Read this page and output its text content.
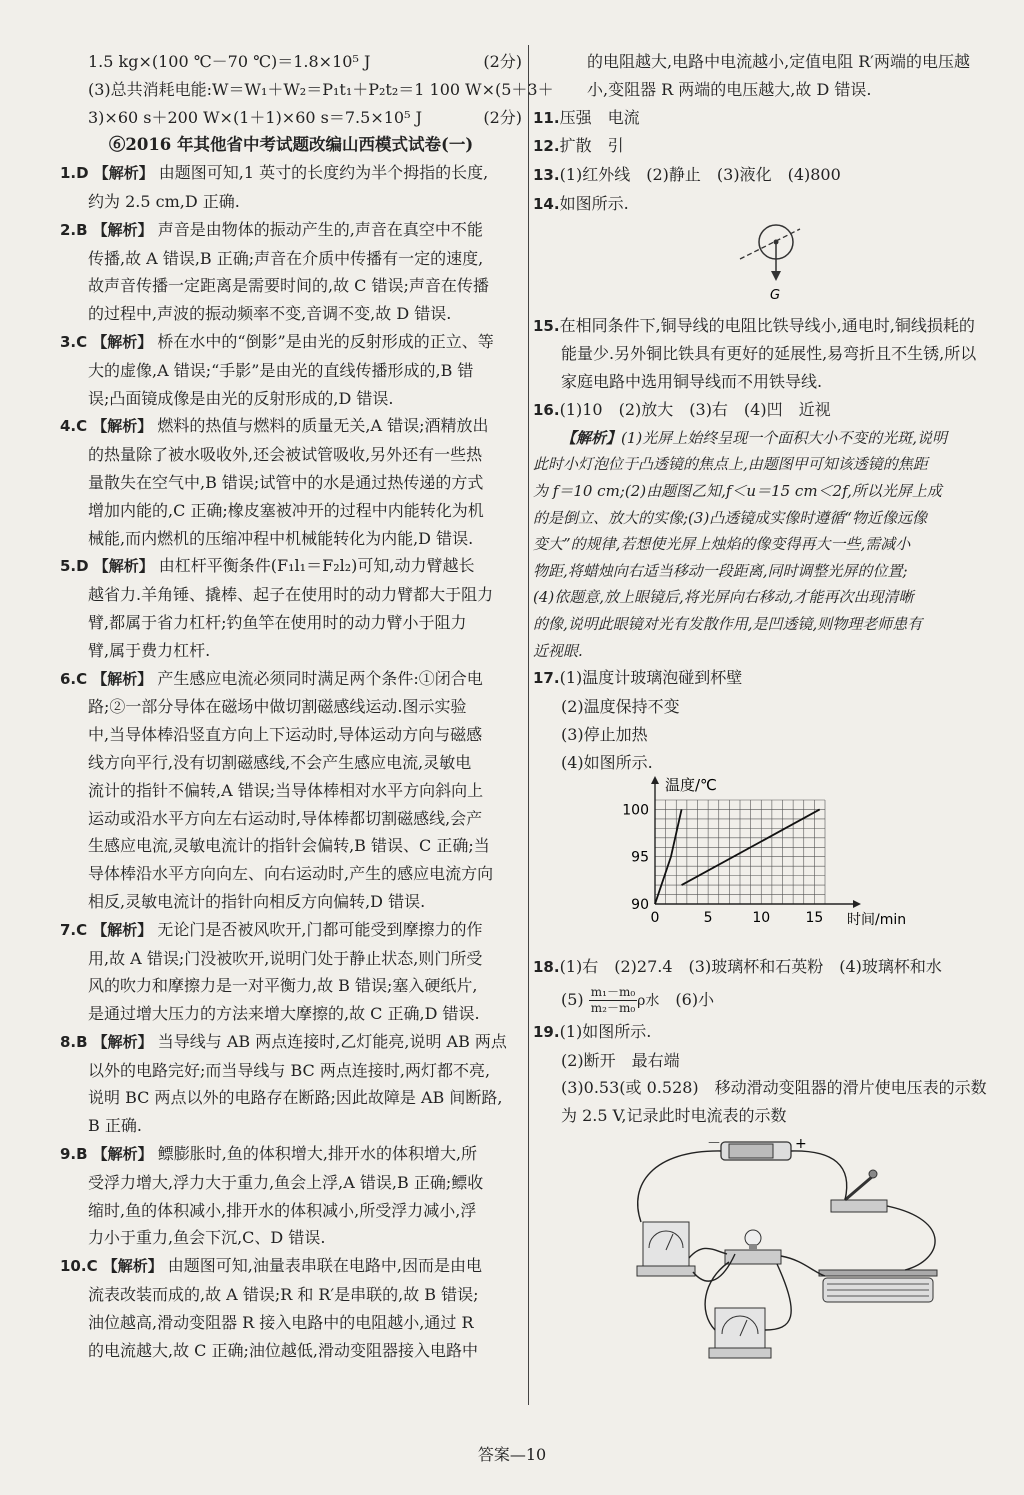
1.5 kg×(100 ℃－70 ℃)＝1.8×10⁵ J	(2分)
(3)总共消耗电能:W＝W₁＋W₂＝P₁t₁＋P₂t₂＝1 100 W×(5＋3＋
3)×60 s＋200 W×(1＋1)×60 s＝7.5×10⁵ J	(2分)
⑥2016 年其他省中考试题改编山西模式试卷(一)
1.D 【解析】 由题图可知,1 英寸的长度约为半个拇指的长度,
约为 2.5 cm,D 正确.
2.B 【解析】 声音是由物体的振动产生的,声音在真空中不能
传播,故 A 错误,B 正确;声音在介质中传播有一定的速度,
故声音传播一定距离是需要时间的,故 C 错误;声音在传播
的过程中,声波的振动频率不变,音调不变,故 D 错误.
3.C 【解析】 桥在水中的“倒影”是由光的反射形成的正立、等
大的虚像,A 错误;“手影”是由光的直线传播形成的,B 错
误;凸面镜成像是由光的反射形成的,D 错误.
4.C 【解析】 燃料的热值与燃料的质量无关,A 错误;酒精放出
的热量除了被水吸收外,还会被试管吸收,另外还有一些热
量散失在空气中,B 错误;试管中的水是通过热传递的方式
增加内能的,C 正确;橡皮塞被冲开的过程中内能转化为机
械能,而内燃机的压缩冲程中机械能转化为内能,D 错误.
5.D 【解析】 由杠杆平衡条件(F₁l₁＝F₂l₂)可知,动力臂越长
越省力.羊角锤、撬棒、起子在使用时的动力臂都大于阻力
臂,都属于省力杠杆;钓鱼竿在使用时的动力臂小于阻力
臂,属于费力杠杆.
6.C 【解析】 产生感应电流必须同时满足两个条件:①闭合电
路;②一部分导体在磁场中做切割磁感线运动.图示实验
中,当导体棒沿竖直方向上下运动时,导体运动方向与磁感
线方向平行,没有切割磁感线,不会产生感应电流,灵敏电
流计的指针不偏转,A 错误;当导体棒相对水平方向斜向上
运动或沿水平方向左右运动时,导体棒都切割磁感线,会产
生感应电流,灵敏电流计的指针会偏转,B 错误、C 正确;当
导体棒沿水平方向向左、向右运动时,产生的感应电流方向
相反,灵敏电流计的指针向相反方向偏转,D 错误.
7.C 【解析】 无论门是否被风吹开,门都可能受到摩擦力的作
用,故 A 错误;门没被吹开,说明门处于静止状态,则门所受
风的吹力和摩擦力是一对平衡力,故 B 错误;塞入硬纸片,
是通过增大压力的方法来增大摩擦的,故 C 正确,D 错误.
8.B 【解析】 当导线与 AB 两点连接时,乙灯能亮,说明 AB 两点
以外的电路完好;而当导线与 BC 两点连接时,两灯都不亮,
说明 BC 两点以外的电路存在断路;因此故障是 AB 间断路,
B 正确.
9.B 【解析】 鳔膨胀时,鱼的体积增大,排开水的体积增大,所
受浮力增大,浮力大于重力,鱼会上浮,A 错误,B 正确;鳔收
缩时,鱼的体积减小,排开水的体积减小,所受浮力减小,浮
力小于重力,鱼会下沉,C、D 错误.
10.C 【解析】 由题图可知,油量表串联在电路中,因而是由电
流表改装而成的,故 A 错误;R 和 R′是串联的,故 B 错误;
油位越高,滑动变阻器 R 接入电路中的电阻越小,通过 R
的电流越大,故 C 正确;油位越低,滑动变阻器接入电路中
的电阻越大,电路中电流越小,定值电阻 R′两端的电压越
小,变阻器 R 两端的电压越大,故 D 错误.
11.压强　电流
12.扩散　引
13.(1)红外线　(2)静止　(3)液化　(4)800
14.如图所示.
G
15.在相同条件下,铜导线的电阻比铁导线小,通电时,铜线损耗的
能量少.另外铜比铁具有更好的延展性,易弯折且不生锈,所以
家庭电路中选用铜导线而不用铁导线.
16.(1)10　(2)放大　(3)右　(4)凹　近视
【解析】(1)光屏上始终呈现一个面积大小不变的光斑,说明
此时小灯泡位于凸透镜的焦点上,由题图甲可知该透镜的焦距
为 f＝10 cm;(2)由题图乙知,f＜u＝15 cm＜2f,所以光屏上成
的是倒立、放大的实像;(3)凸透镜成实像时遵循“物近像远像
变大”的规律,若想使光屏上烛焰的像变得再大一些,需减小
物距,将蜡烛向右适当移动一段距离,同时调整光屏的位置;
(4)依题意,放上眼镜后,将光屏向右移动,才能再次出现清晰
的像,说明此眼镜对光有发散作用,是凹透镜,则物理老师患有
近视眼.
17.(1)温度计玻璃泡碰到杯壁
(2)温度保持不变
(3)停止加热
(4)如图所示.
0	5	10	15
90
95
100
温度/℃
时间/min
18.(1)右　(2)27.4　(3)玻璃杯和石英粉　(4)玻璃杯和水
$(5) \frac{\text{m₁－m₀}}{\text{m₂－m₀}}$ ρ水　 (6)小
19.(1)如图所示.
(2)断开　最右端
(3)0.53(或 0.528)　移动滑动变阻器的滑片使电压表的示数
为 2.5 V,记录此时电流表的示数
－	+
答案—10
